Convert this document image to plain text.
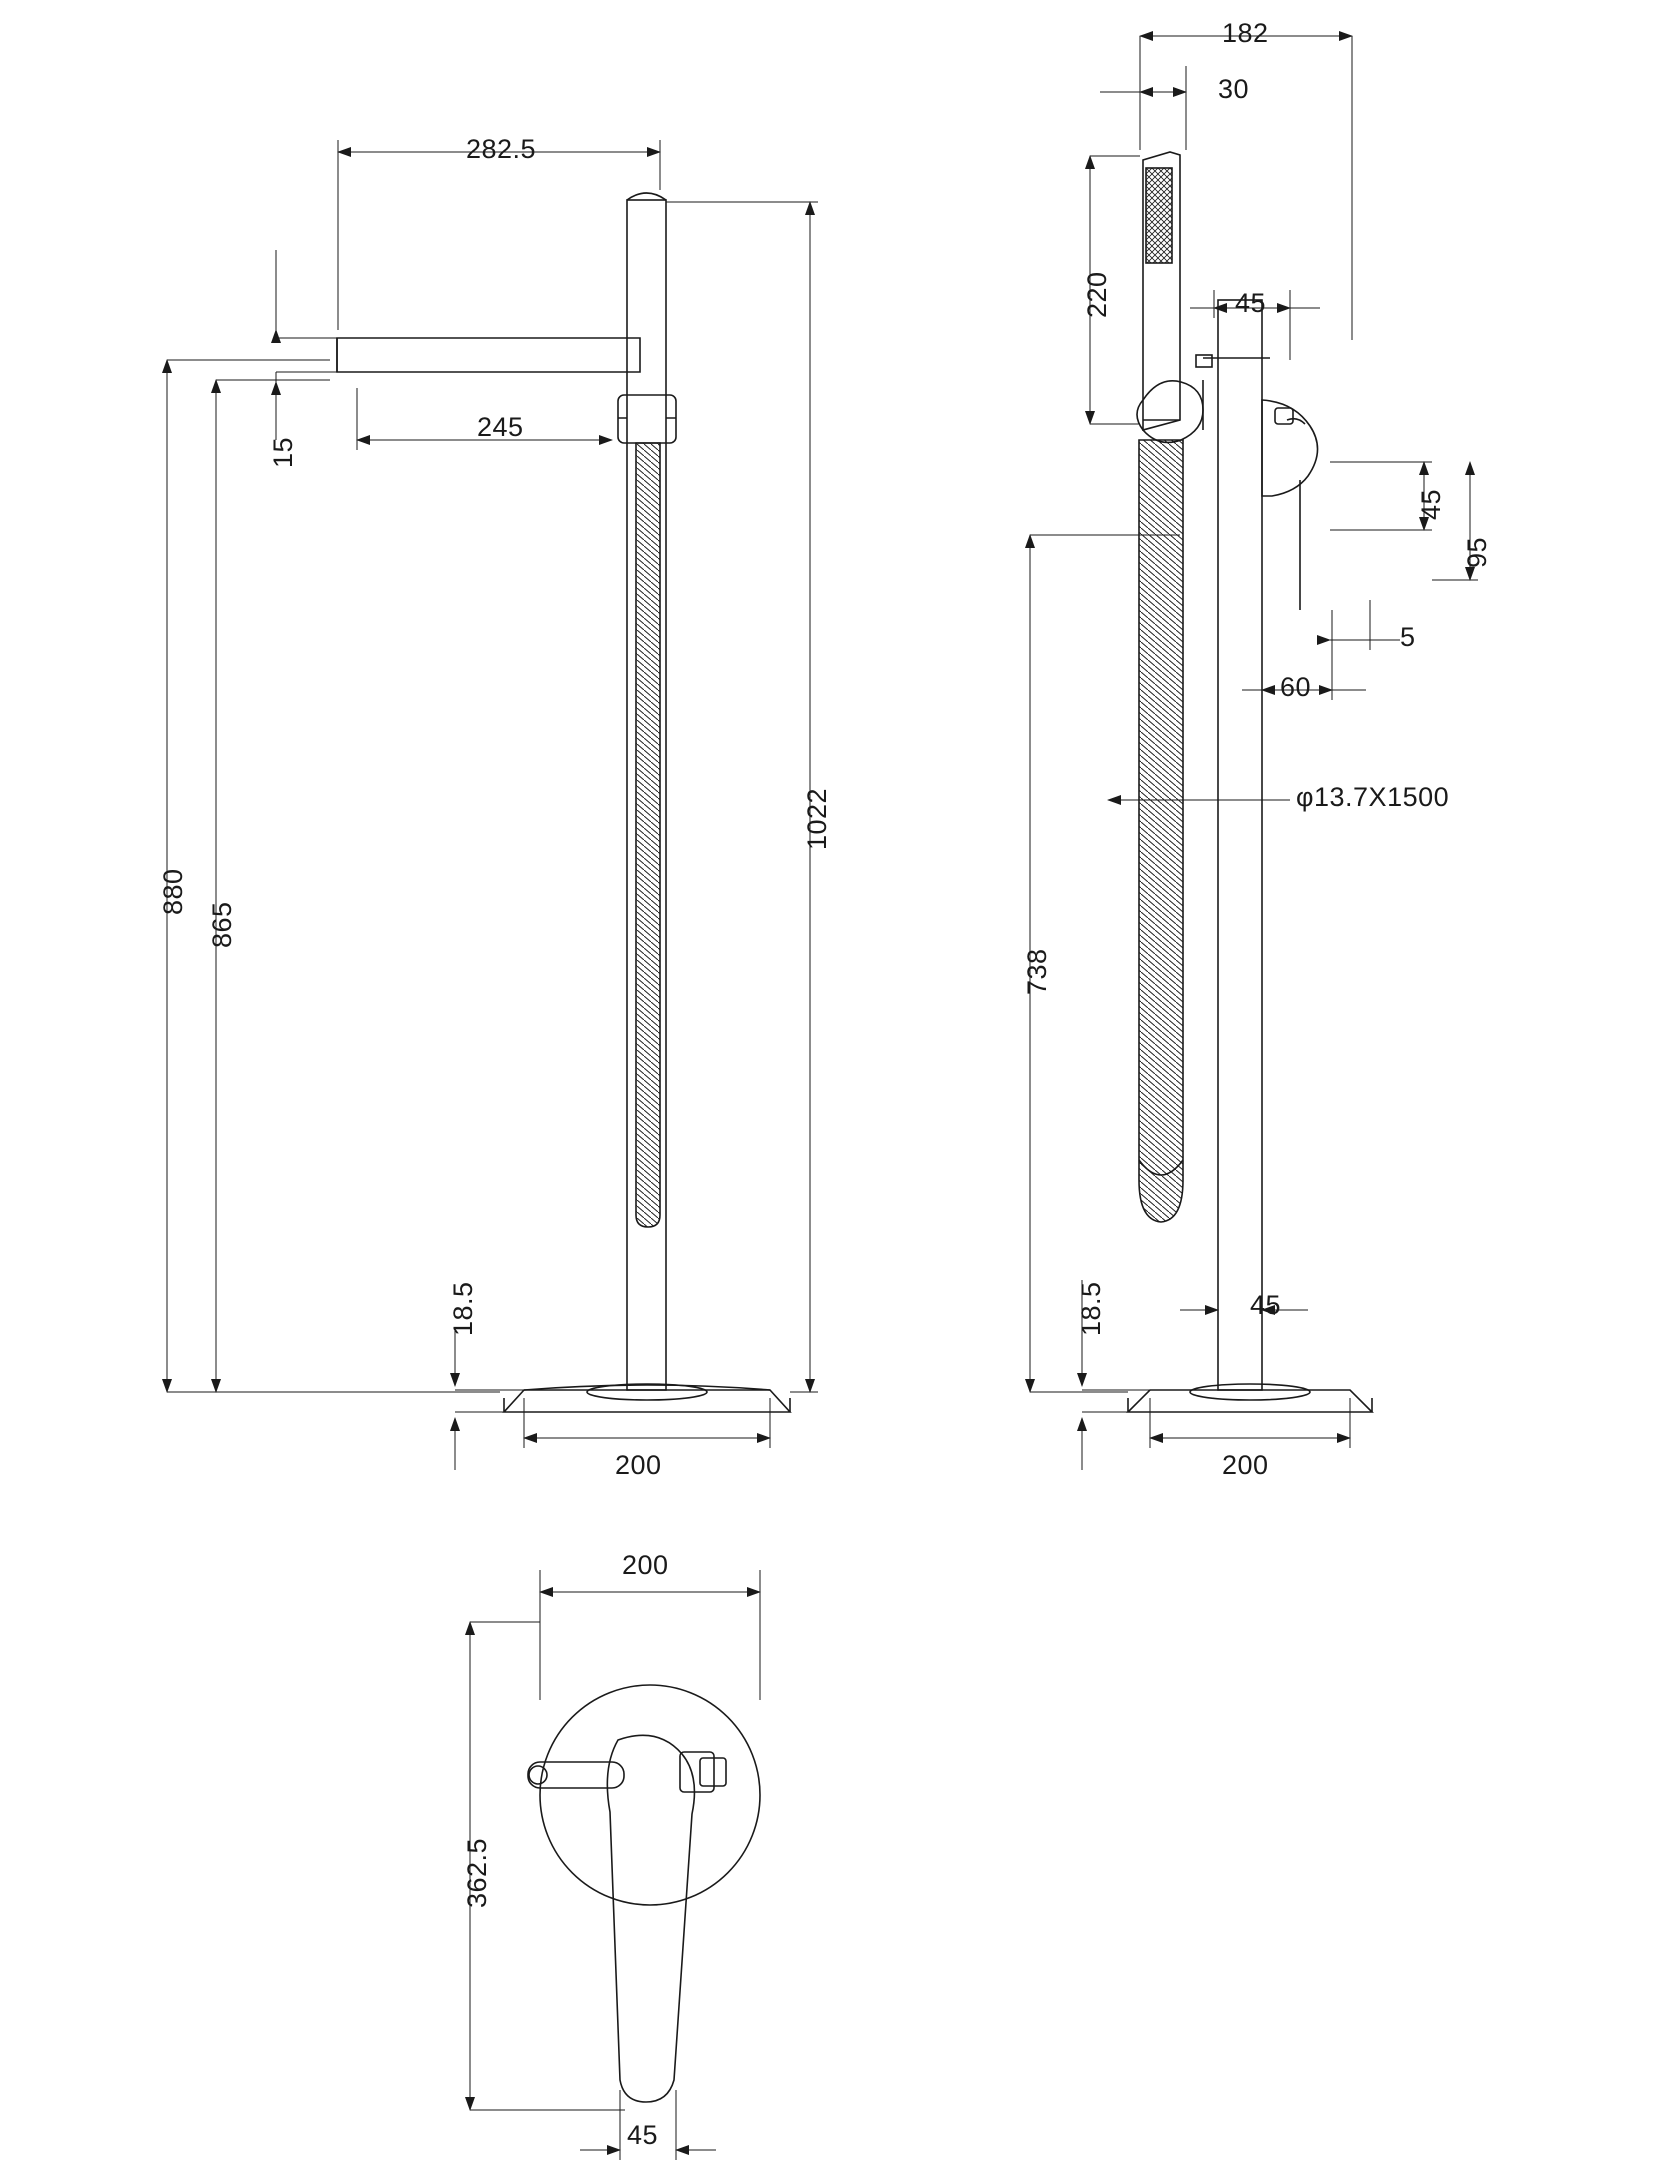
282.5
245
15
880
865
1022
18.5
200
182
30
220	45
45
95
5
60
φ13.7X1500
738
18.5	45
200
200
362.5
45
